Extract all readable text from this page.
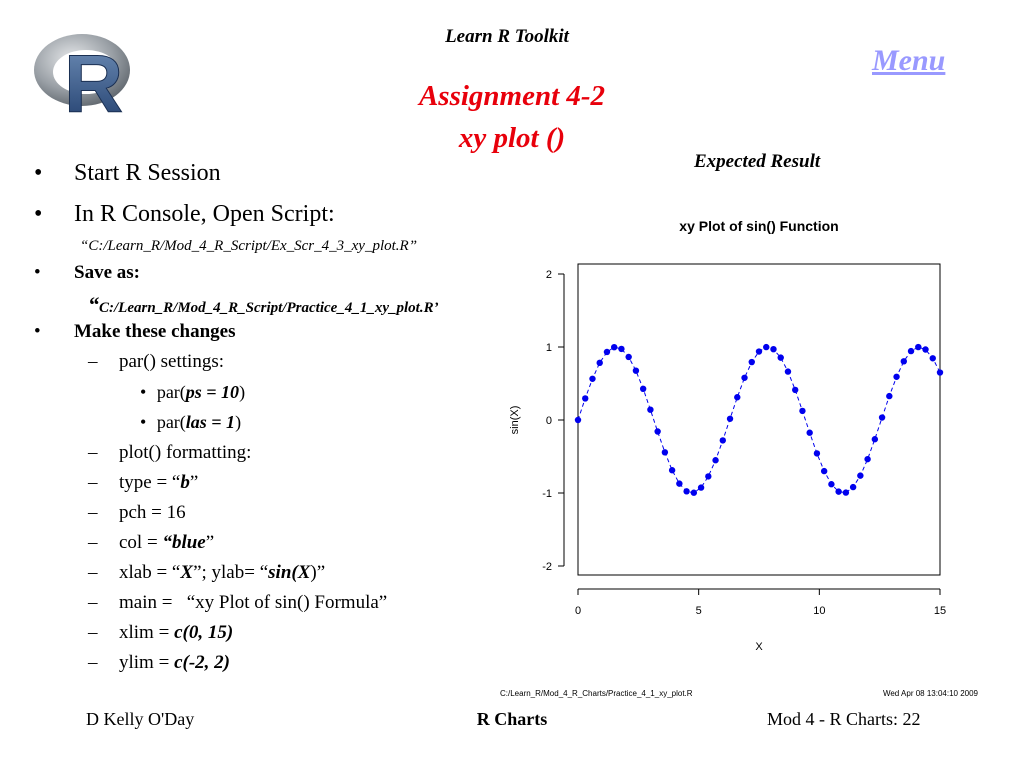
R
Learn R Toolkit
Menu
Assignment 4-2
xy plot ()
Expected Result
• Start R Session
• In R Console, Open Script:
“C:/Learn_R/Mod_4_R_Script/Ex_Scr_4_3_xy_plot.R”
• Save as:
“C:/Learn_R/Mod_4_R_Script/Practice_4_1_xy_plot.R’
• Make these changes
– par() settings:
• par(ps = 10)
• par(las = 1)
– plot() formatting:
– type = “b”
– pch = 16
– col = “blue”
– xlab = “X”; ylab= “sin(X)”
– main =   “xy Plot of sin() Formula”
– xlim = c(0, 15)
– ylim = c(-2, 2)
xy Plot of sin() Function
-2
-1
0
1
2
sin(X)
0	5	10	15
X
C:/Learn_R/Mod_4_R_Charts/Practice_4_1_xy_plot.R	Wed Apr 08 13:04:10 2009
D Kelly O'Day	R Charts	Mod 4 - R Charts: 22
